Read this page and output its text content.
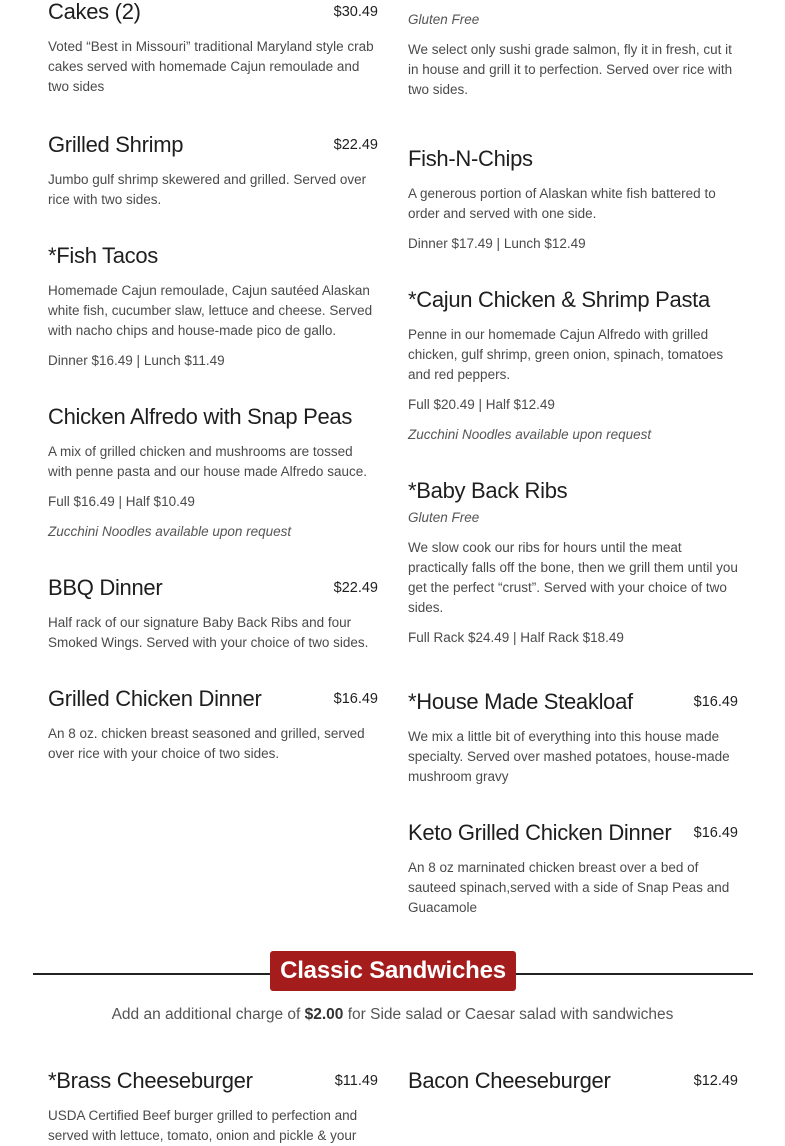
Cakes (2)	$30.49
Voted “Best in Missouri” traditional Maryland style crab cakes served with homemade Cajun remoulade and two sides
Grilled Shrimp	$22.49
Jumbo gulf shrimp skewered and grilled. Served over rice with two sides.
*Fish Tacos
Homemade Cajun remoulade, Cajun sautéed Alaskan white fish, cucumber slaw, lettuce and cheese. Served with nacho chips and house-made pico de gallo.
Dinner $16.49 | Lunch $11.49
Chicken Alfredo with Snap Peas
A mix of grilled chicken and mushrooms are tossed with penne pasta and our house made Alfredo sauce.
Full $16.49 | Half $10.49
Zucchini Noodles available upon request
BBQ Dinner	$22.49
Half rack of our signature Baby Back Ribs and four Smoked Wings. Served with your choice of two sides.
Grilled Chicken Dinner	$16.49
An 8 oz. chicken breast seasoned and grilled, served over rice with your choice of two sides.
Gluten Free
We select only sushi grade salmon, fly it in fresh, cut it in house and grill it to perfection. Served over rice with two sides.
Fish-N-Chips
A generous portion of Alaskan white fish battered to order and served with one side.
Dinner $17.49 | Lunch $12.49
*Cajun Chicken & Shrimp Pasta
Penne in our homemade Cajun Alfredo with grilled chicken, gulf shrimp, green onion, spinach, tomatoes and red peppers.
Full $20.49 | Half $12.49
Zucchini Noodles available upon request
*Baby Back Ribs
Gluten Free
We slow cook our ribs for hours until the meat practically falls off the bone, then we grill them until you get the perfect “crust”. Served with your choice of two sides.
Full Rack $24.49 | Half Rack $18.49
*House Made Steakloaf	$16.49
We mix a little bit of everything into this house made specialty. Served over mashed potatoes, house-made mushroom gravy
Keto Grilled Chicken Dinner $16.49
An 8 oz marninated chicken breast over a bed of sauteed spinach,served with a side of Snap Peas and Guacamole
Classic Sandwiches
Add an additional charge of $2.00 for Side salad or Caesar salad with sandwiches
*Brass Cheeseburger	$11.49
USDA Certified Beef burger grilled to perfection and served with lettuce, tomato, onion and pickle & your
Bacon Cheeseburger	$12.49
